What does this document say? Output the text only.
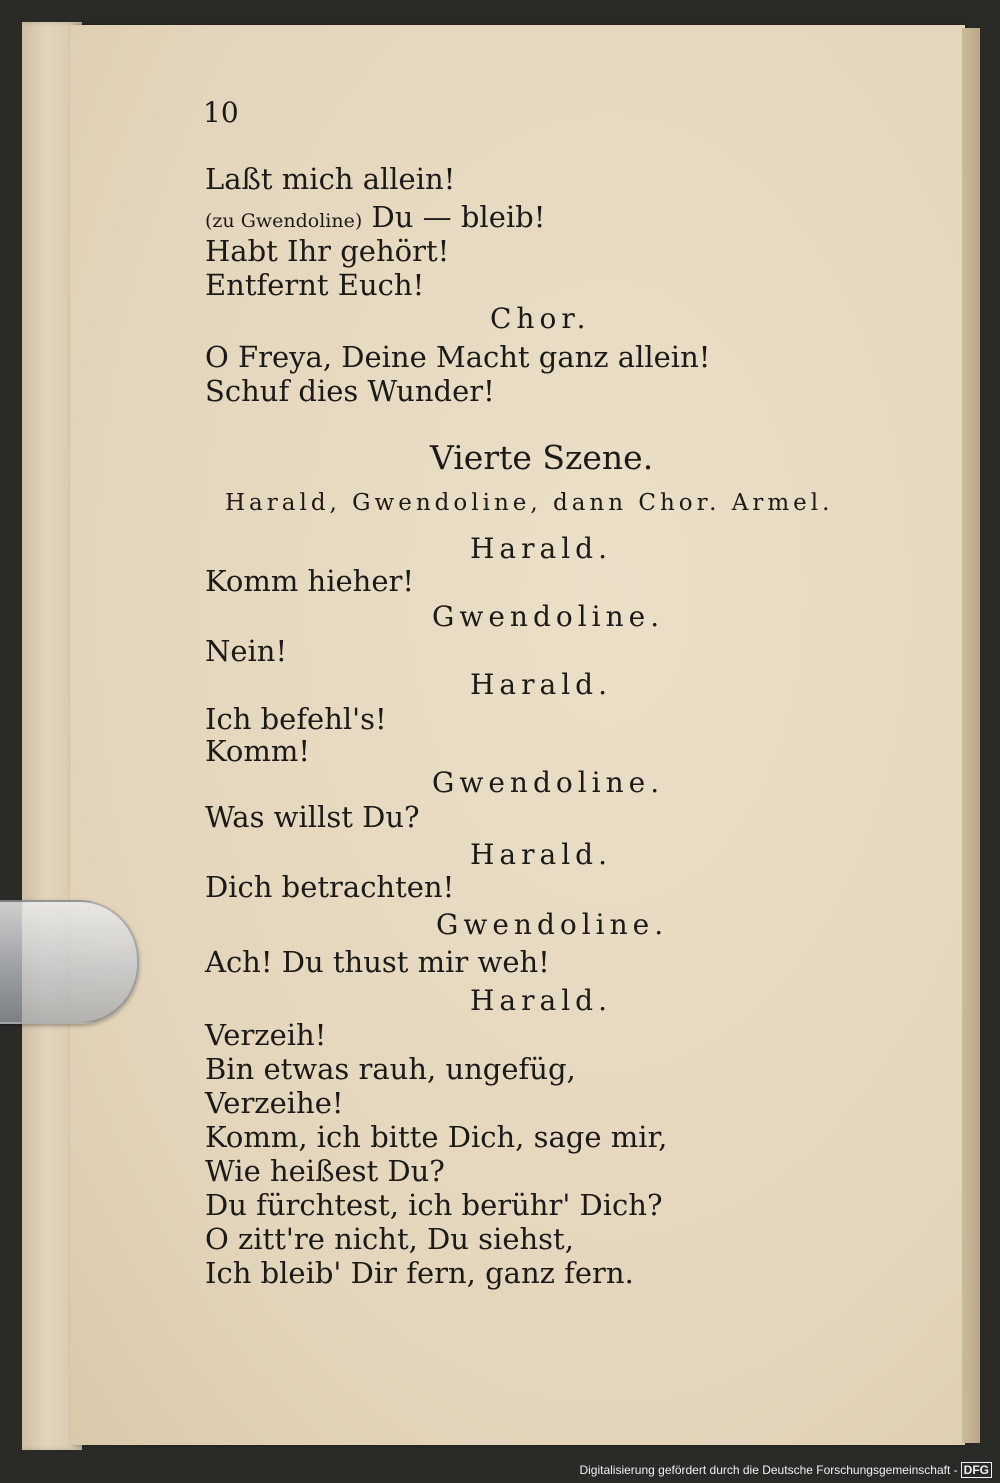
10
Laßt mich allein!
(zu Gwendoline) Du — bleib!
Habt Ihr gehört!
Entfernt Euch!
Chor.
O Freya, Deine Macht ganz allein!
Schuf dies Wunder!
Vierte Szene.
Harald, Gwendoline, dann Chor. Armel.
Harald.
Komm hieher!
Gwendoline.
Nein!
Harald.
Ich befehl's!
Komm!
Gwendoline.
Was willst Du?
Harald.
Dich betrachten!
Gwendoline.
Ach! Du thust mir weh!
Harald.
Verzeih!
Bin etwas rauh, ungefüg,
Verzeihe!
Komm, ich bitte Dich, sage mir,
Wie heißest Du?
Du fürchtest, ich berühr' Dich?
O zitt're nicht, Du siehst,
Ich bleib' Dir fern, ganz fern.
Digitalisierung gefördert durch die Deutsche Forschungsgemeinschaft - DFG
